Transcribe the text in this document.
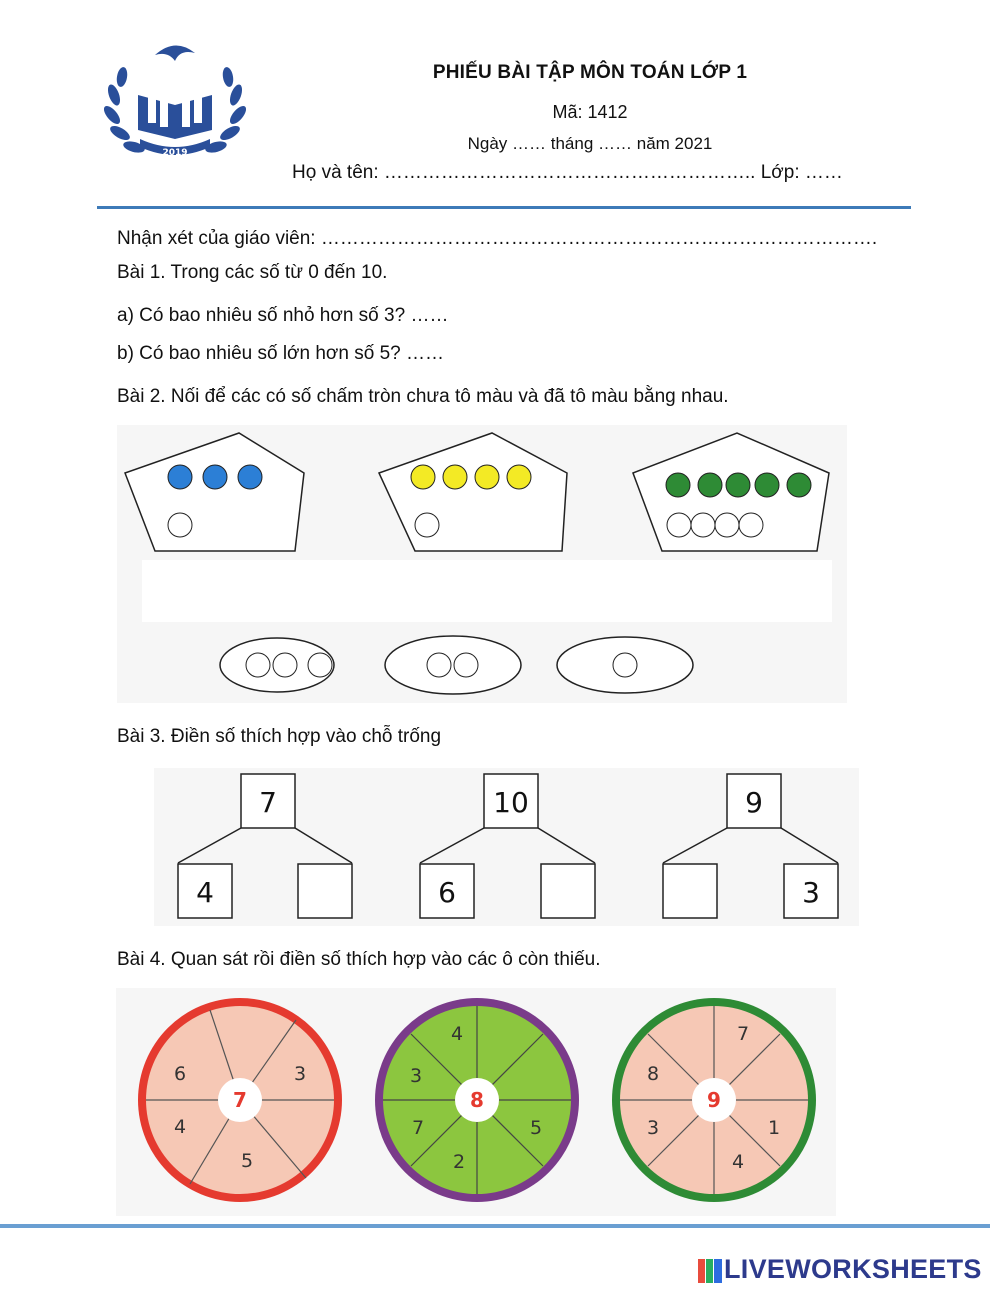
2019
PHIẾU BÀI TẬP MÔN TOÁN LỚP 1
Mã: 1412
Ngày …… tháng …… năm 2021
Họ và tên: ………………………………………………….. Lớp: ……
Nhận xét của giáo viên: …………………………………………………………………………….
Bài 1. Trong các số từ 0 đến 10.
a) Có bao nhiêu số nhỏ hơn số 3? ……
b) Có bao nhiêu số lớn hơn số 5? ……
Bài 2. Nối để các có số chấm tròn chưa tô màu và đã tô màu bằng nhau.
Bài 3. Điền số thích hợp vào chỗ trống
7
4
10
6
9
3
Bài 4. Quan sát rồi điền số thích hợp vào các ô còn thiếu.
3
6
4
5
7
4
3
7
2
5
8
7
8
3
4
1
9
LIVEWORKSHEETS
